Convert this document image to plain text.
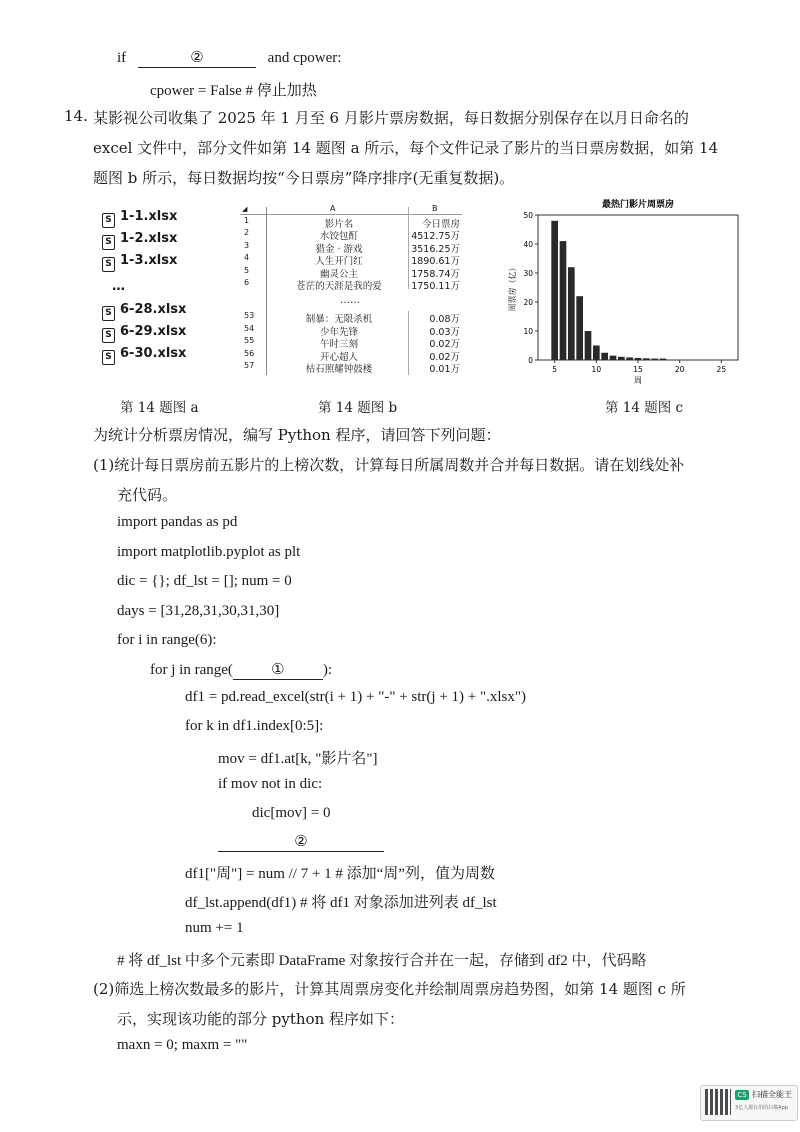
if	②	and cpower:
cpower = False # 停止加热
14. 某影视公司收集了 2025 年 1 月至 6 月影片票房数据，每日数据分别保存在以月日命名的
excel 文件中，部分文件如第 14 题图 a 所示，每个文件记录了影片的当日票房数据，如第 14
题图 b 所示，每日数据均按“今日票房”降序排序(无重复数据)。
S 1-1.xlsx
S 1-2.xlsx
S 1-3.xlsx
…
S 6-28.xlsx
S 6-29.xlsx
S 6-30.xlsx
◢	A	B
1	影片名	今日票房
2	水饺包酊	4512.75万
3	猎金 · 游戏	3516.25万
4	人生开门红	1890.61万
5	幽灵公主	1758.74万
6	苍茫的天涯是我的爱	1750.11万
……
53	制暴：无限杀机	0.08万
54	少年先锋	0.03万
55	午时三刻	0.02万
56	开心超人	0.02万
57	枯石照耀钟鼓楼	0.01万
最热门影片周票房
0
10
20
30
40
50
5	10	15	20	25
周
周票房（亿）
第 14 题图 a	第 14 题图 b	第 14 题图 c
为统计分析票房情况，编写 Python 程序，请回答下列问题：
(1)统计每日票房前五影片的上榜次数，计算每日所属周数并合并每日数据。请在划线处补
充代码。
import pandas as pd
import matplotlib.pyplot as plt
dic = {}; df_lst = []; num = 0
days = [31,28,31,30,31,30]
for i in range(6):
for j in range(	①	):
df1 = pd.read_excel(str(i + 1) + "-" + str(j + 1) + ".xlsx")
for k in df1.index[0:5]:
mov = df1.at[k, "影片名"]
if mov not in dic:
dic[mov] = 0
②
df1["周"] = num // 7 + 1 # 添加“周”列，值为周数
df_lst.append(df1) # 将 df1 对象添加进列表 df_lst
num += 1
# 将 df_lst 中多个元素即 DataFrame 对象按行合并在一起，存储到 df2 中，代码略
(2)筛选上榜次数最多的影片，计算其周票房变化并绘制周票房趋势图，如第 14 题图 c 所
示，实现该功能的部分 python 程序如下：
maxn = 0; maxm = ""
CS 扫描全能王
3亿人都在用的扫描App
